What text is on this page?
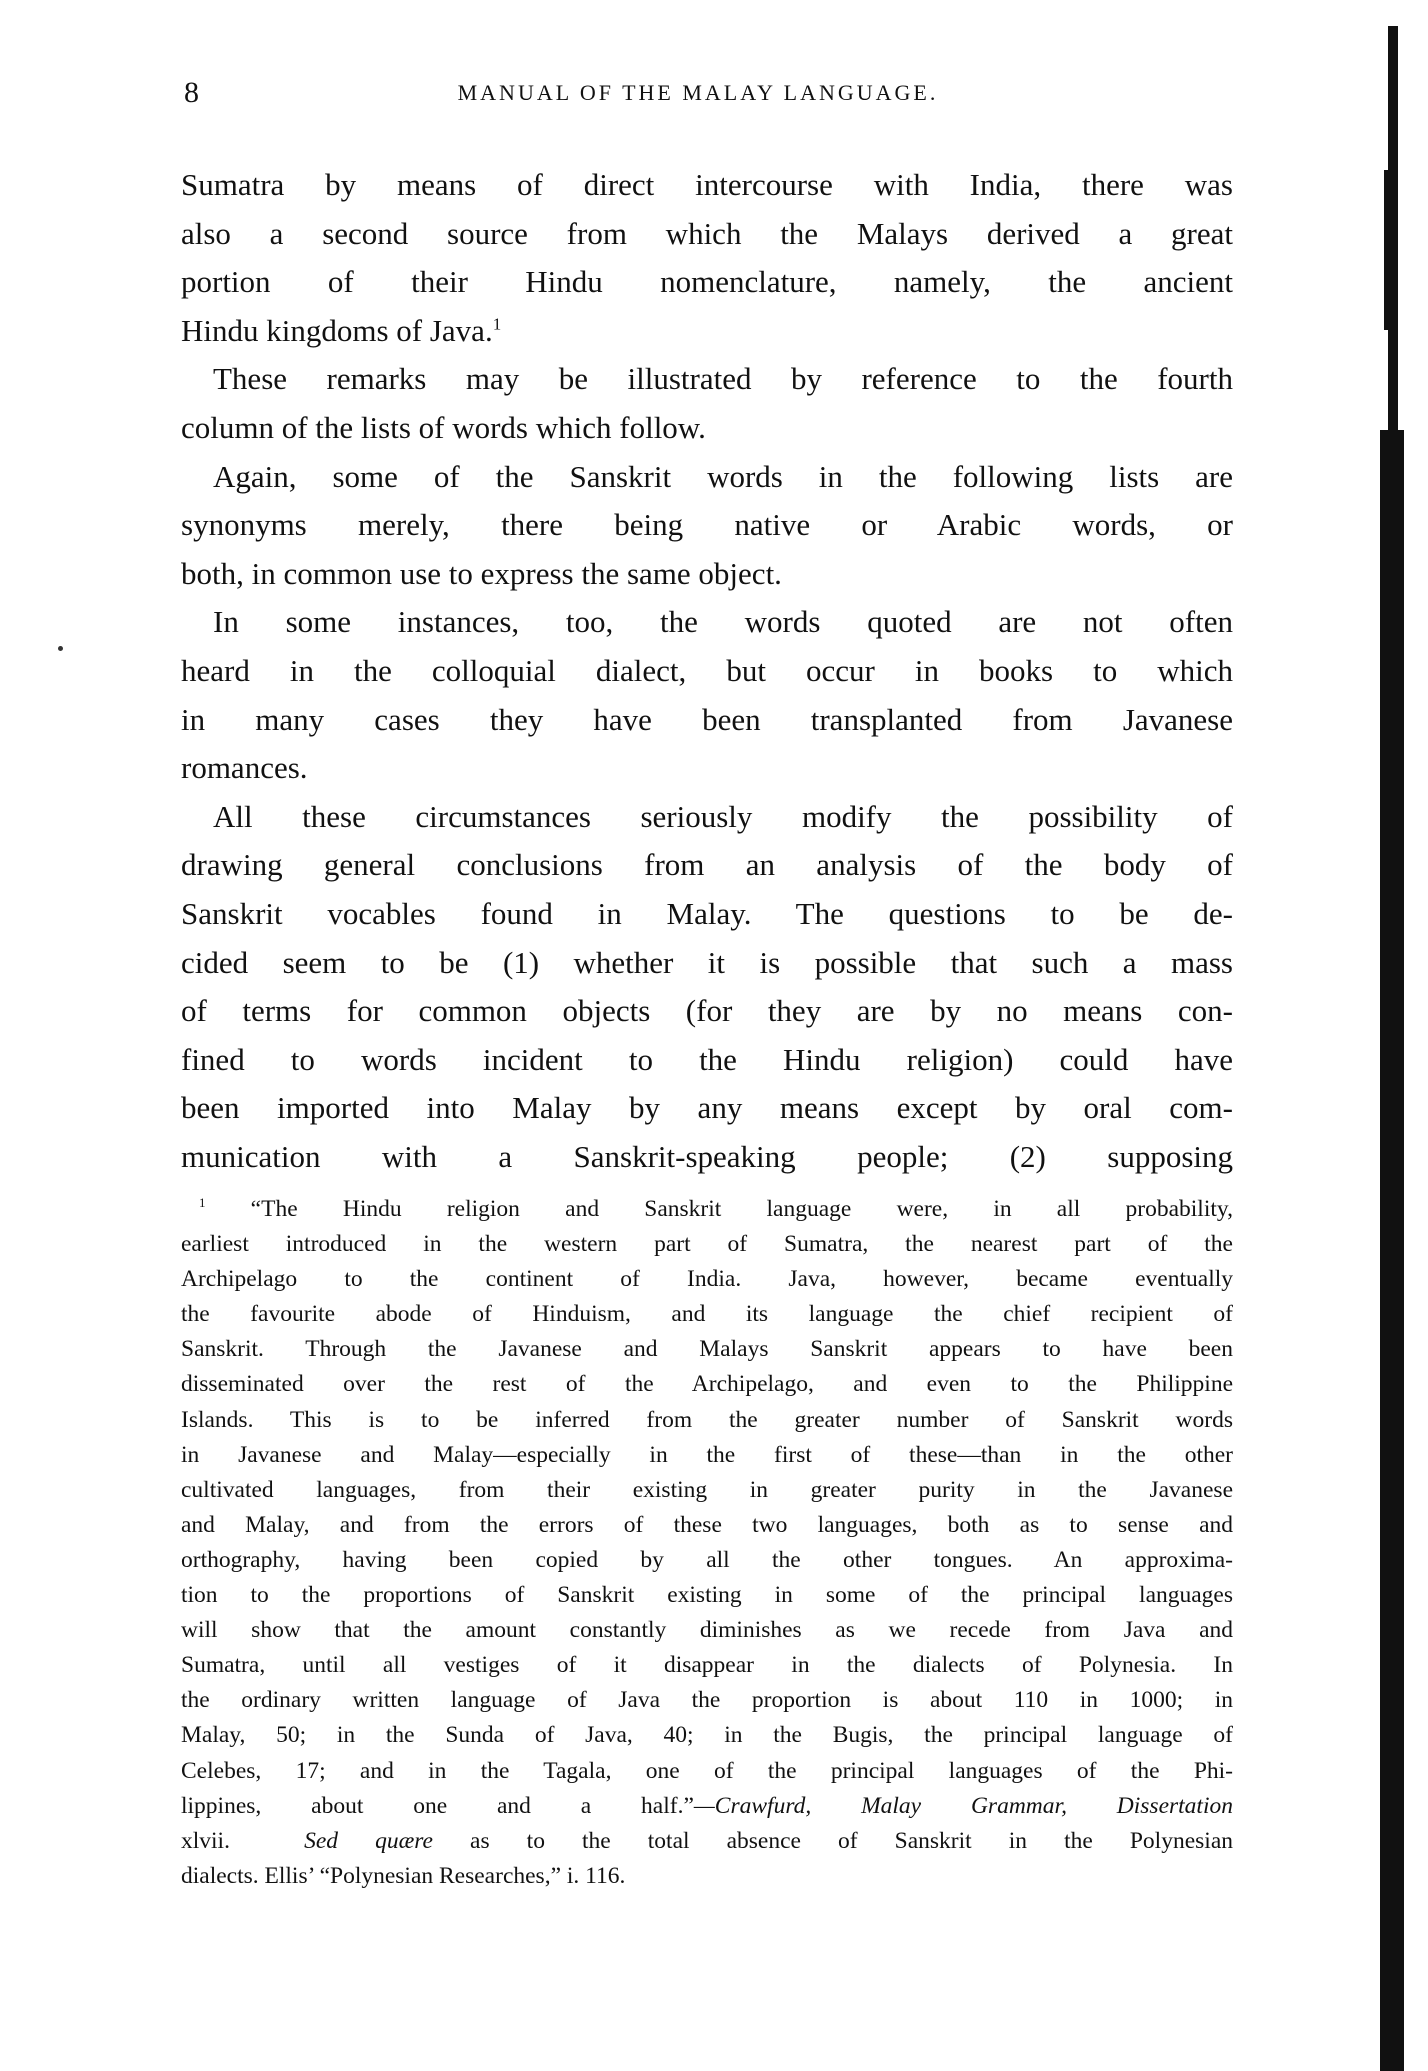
8	MANUAL OF THE MALAY LANGUAGE.
Sumatra by means of direct intercourse with India, there was
also a second source from which the Malays derived a great
portion of their Hindu nomenclature, namely, the ancient
Hindu kingdoms of Java.$^1$
These remarks may be illustrated by reference to the fourth
column of the lists of words which follow.
Again, some of the Sanskrit words in the following lists are
synonyms merely, there being native or Arabic words, or
both, in common use to express the same object.
In some instances, too, the words quoted are not often
heard in the colloquial dialect, but occur in books to which
in many cases they have been transplanted from Javanese
romances.
All these circumstances seriously modify the possibility of
drawing general conclusions from an analysis of the body of
Sanskrit vocables found in Malay. The questions to be de-
cided seem to be (1) whether it is possible that such a mass
of terms for common objects (for they are by no means con-
fined to words incident to the Hindu religion) could have
been imported into Malay by any means except by oral com-
munication with a Sanskrit-speaking people; (2) supposing
$^1$ “The Hindu religion and Sanskrit language were, in all probability,
earliest introduced in the western part of Sumatra, the nearest part of the
Archipelago to the continent of India. Java, however, became eventually
the favourite abode of Hinduism, and its language the chief recipient of
Sanskrit. Through the Javanese and Malays Sanskrit appears to have been
disseminated over the rest of the Archipelago, and even to the Philippine
Islands. This is to be inferred from the greater number of Sanskrit words
in Javanese and Malay—especially in the first of these—than in the other
cultivated languages, from their existing in greater purity in the Javanese
and Malay, and from the errors of these two languages, both as to sense and
orthography, having been copied by all the other tongues. An approxima-
tion to the proportions of Sanskrit existing in some of the principal languages
will show that the amount constantly diminishes as we recede from Java and
Sumatra, until all vestiges of it disappear in the dialects of Polynesia. In
the ordinary written language of Java the proportion is about 110 in 1000; in
Malay, 50; in the Sunda of Java, 40; in the Bugis, the principal language of
Celebes, 17; and in the Tagala, one of the principal languages of the Phi-
lippines, about one and a half.”—Crawfurd, Malay Grammar, Dissertation
xlvii.	Sed quære as to the total absence of Sanskrit in the Polynesian
dialects. Ellis’ “Polynesian Researches,” i. 116.
